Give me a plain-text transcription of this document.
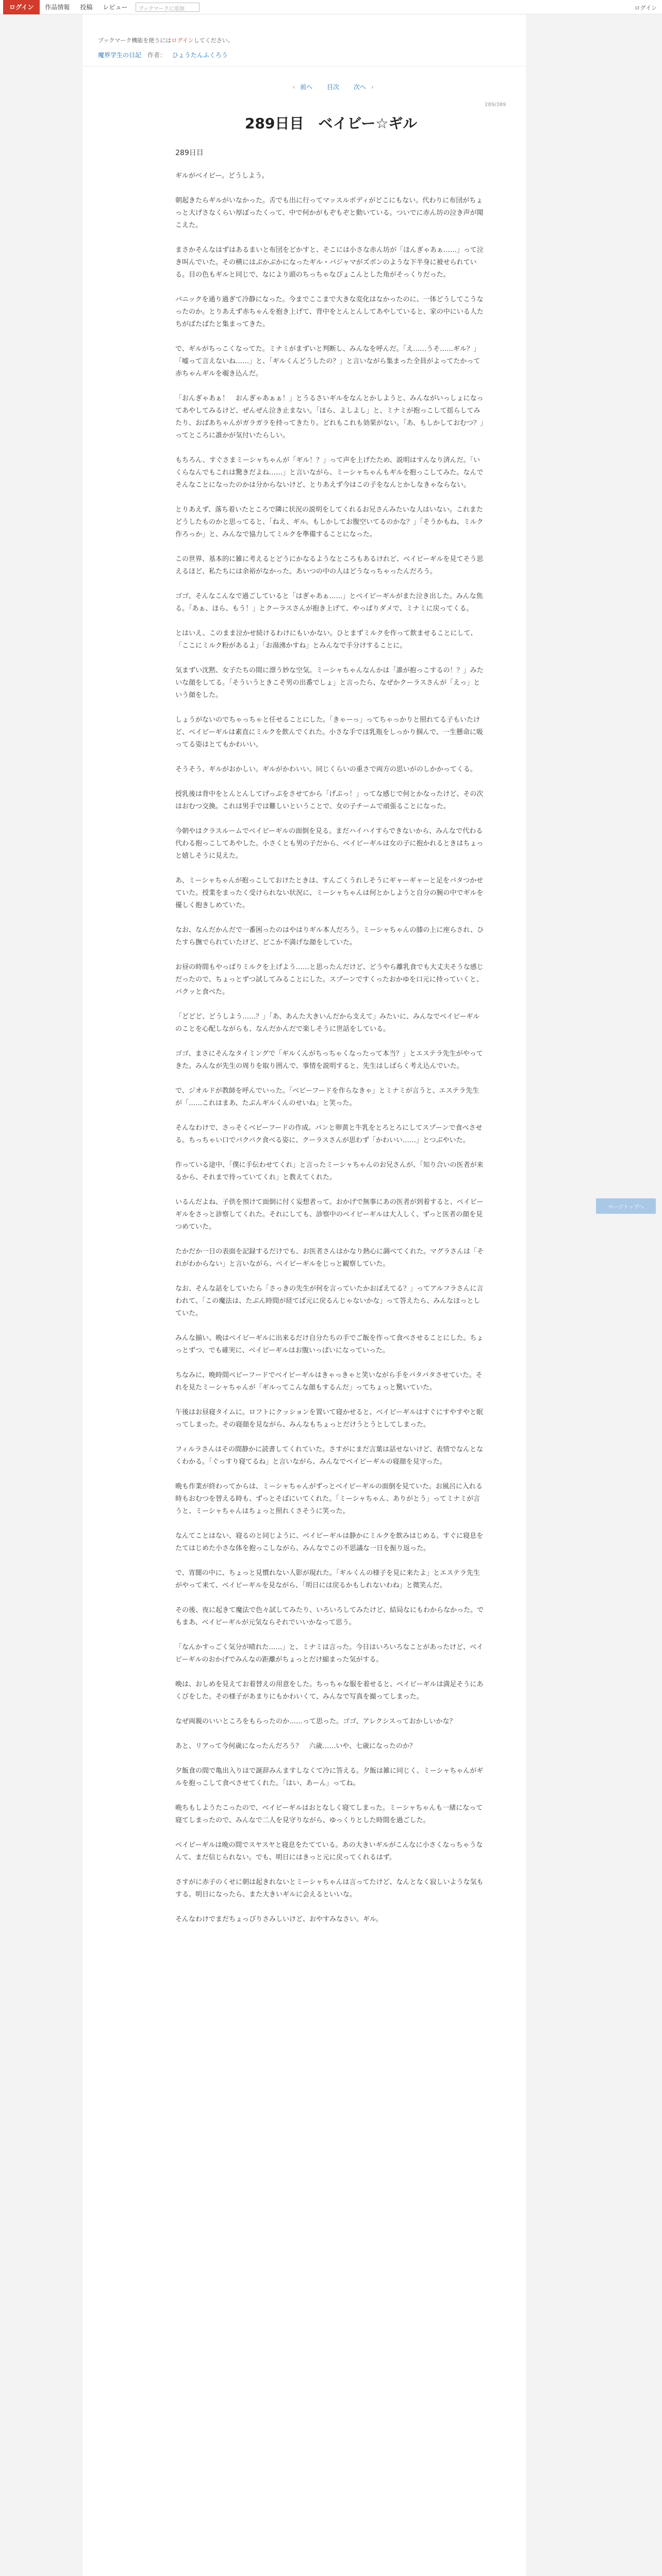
ログイン	作品情報	投稿	レビュー	ブックマークに追加	ログイン
ブックマーク機能を使うにはログインしてください。
魔界学生の日記 作者： ひょうたんふくろう
‹ 前へ 目次 次へ ›
289/389
289日目　ベイビー☆ギル
289日目

ギルがベイビー。どうしよう。

朝起きたらギルがいなかった。舌でも出に行ってマッスルボディがどこにもない。代わりに布団がちょっと大げさなくらい厚ぼったくって、中で何かがもぞもぞと動いている。ついでに赤ん坊の泣き声が聞こえた。

まさかそんなはずはあるまいと布団をどかすと、そこには小さな赤ん坊が「ほんぎゃあぁ……」って泣き叫んでいた。その横にはぶかぶかになったギル・パジャマがズボンのような下半身に被せられている。目の色もギルと同じで、なにより頭のちっちゃなぴょこんとした角がそっくりだった。

パニックを通り過ぎて冷静になった。今までここまで大きな変化はなかったのに、一体どうしてこうなったのか。とりあえず赤ちゃんを抱き上げて、背中をとんとんしてあやしていると、家の中にいる人たちがばたばたと集まってきた。

で、ギルがちっこくなってた。ミナミがまずいと判断し、みんなを呼んだ。「え……うそ……ギル？」「嘘って言えないね……」と、「ギルくんどうしたの？」と言いながら集まった全員がよってたかって赤ちゃんギルを覗き込んだ。

「おんぎゃあぁ！　おんぎゃあぁぁ！」とうるさいギルをなんとかしようと、みんながいっしょになってあやしてみるけど、ぜんぜん泣き止まない。「ほら、よしよし」と、ミナミが抱っこして揺らしてみたり、おばあちゃんがガラガラを持ってきたり。どれもこれも効果がない。「あ、もしかしておむつ？」ってところに誰かが気付いたらしい。

もちろん、すぐさまミーシャちゃんが「ギル！？」って声を上げたため、説明はすんなり済んだ。「いくらなんでもこれは驚きだよね……」と言いながら、ミーシャちゃんもギルを抱っこしてみた。なんでそんなことになったのかは分からないけど、とりあえず今はこの子をなんとかしなきゃならない。

とりあえず、落ち着いたところで隣に状況の説明をしてくれるお兄さんみたいな人はいない。これまたどうしたものかと思ってると、「ねえ、ギル。もしかしてお腹空いてるのかな？」「そうかもね、ミルク作ろっか」と、みんなで協力してミルクを準備することになった。

この世界、基本的に雑に考えるとどうにかなるようなところもあるけれど、ベイビーギルを見てそう思えるほど、私たちには余裕がなかった。あいつの中の人はどうなっちゃったんだろう。

ゴゴ、そんなこんなで過ごしていると「はぎゃあぁ……」とベイビーギルがまた泣き出した。みんな焦る。「あぁ、ほら、もう！」とクーラスさんが抱き上げて、やっぱりダメで、ミナミに戻ってくる。

とはいえ、このまま泣かせ続けるわけにもいかない。ひとまずミルクを作って飲ませることにして、「ここにミルク粉があるよ」「お湯沸かすね」とみんなで手分けすることに。

気まずい沈黙、女子たちの間に漂う妙な空気。ミーシャちゃんなんかは「誰が抱っこするの！？」みたいな顔をしてる。「そういうときこそ男の出番でしょ」と言ったら、なぜかクーラスさんが「えっ」という顔をした。

しょうがないのでちゃっちゃと任せることにした。「きゃーっ」ってちゃっかりと照れてる子もいたけど、ベイビーギルは素直にミルクを飲んでくれた。小さな手でほ乳瓶をしっかり掴んで、一生懸命に吸ってる姿はとてもかわいい。

そうそう、ギルがおかしい。ギルがかわいい。同じくらいの重さで両方の思いがのしかかってくる。

授乳後は背中をとんとんしてげっぷをさせてから「げぷっ！」ってな感じで何とかなったけど、その次はおむつ交換。これは男手では難しいということで、女の子チームで頑張ることになった。

今朝やはクラスルームでベイビーギルの面倒を見る。まだハイハイすらできないから、みんなで代わる代わる抱っこしてあやした。小さくとも男の子だから、ベイビーギルは女の子に抱かれるときはちょっと嬉しそうに見えた。

あ、ミーシャちゃんが抱っこしておけたときは、すんごくうれしそうにギャーギャーと足をバタつかせていた。授業をまったく受けられない状況に、ミーシャちゃんは何とかしようと自分の腕の中でギルを優しく抱きしめていた。

なお、なんだかんだで一番困ったのはやはりギル本人だろう。ミーシャちゃんの膝の上に座らされ、ひたすら撫でられていたけど、どこか不満げな顔をしていた。

お昼の時間もやっぱりミルクを上げよう……と思ったんだけど、どうやら離乳食でも大丈夫そうな感じだったので、ちょっとずつ試してみることにした。スプーンですくったおかゆを口元に持っていくと、パクッと食べた。

「どどど、どうしよう……？」「あ、あんた大きいんだから支えて」みたいに、みんなでベイビーギルのことを心配しながらも、なんだかんだで楽しそうに世話をしている。

ゴゴ、まさにそんなタイミングで「ギルくんがちっちゃくなったって本当？」とエステラ先生がやってきた。みんなが先生の周りを取り囲んで、事情を説明すると、先生はしばらく考え込んでいた。

で、ジオルドが教師を呼んでいった。「ベビーフードを作らなきゃ」とミナミが言うと、エステラ先生が「……これはまあ、たぶんギルくんのせいね」と笑った。

そんなわけで、さっそくベビーフードの作成。パンと卵黄と牛乳をとろとろにしてスプーンで食べさせる。ちっちゃい口でパクパク食べる姿に、クーラスさんが思わず「かわいい……」とつぶやいた。

作っている途中、「僕に手伝わせてくれ」と言ったミーシャちゃんのお兄さんが、「知り合いの医者が来るから、それまで待っていてくれ」と教えてくれた。

いるんだよね、子供を預けて面倒に付く妄想者って。おかげで無事にあの医者が到着すると、ベイビーギルをさっと診察してくれた。それにしても、診察中のベイビーギルは大人しく、ずっと医者の顔を見つめていた。

たかだか一日の表面を記録するだけでも、お医者さんはかなり熱心に調べてくれた。マグラさんは「それがわからない」と言いながら、ベイビーギルをじっと観察していた。

なお、そんな話をしていたら「さっきの先生が何を言っていたかおぼえてる？」ってアルフラさんに言われて、「この魔法は、たぶん時間が経てば元に戻るんじゃないかな」って答えたら、みんなほっとしていた。

みんな揃い、晩はベイビーギルに出来るだけ自分たちの手でご飯を作って食べさせることにした。ちょっとずつ、でも確実に、ベイビーギルはお腹いっぱいになっていった。

ちなみに、晩時間ベビーフードでベイビーギルはきゃっきゃと笑いながら手をバタバタさせていた。それを見たミーシャちゃんが「ギルってこんな顔もするんだ」ってちょっと驚いていた。

午後はお昼寝タイムに。ロフトにクッションを置いて寝かせると、ベイビーギルはすぐにすやすやと眠ってしまった。その寝顔を見ながら、みんなもちょっとだけうとうとしてしまった。

フィルラさんはその間静かに読書してくれていた。さすがにまだ言葉は話せないけど、表情でなんとなくわかる。「ぐっすり寝てるね」と言いながら、みんなでベイビーギルの寝顔を見守った。

晩も作業が終わってからは、ミーシャちゃんがずっとベイビーギルの面倒を見ていた。お風呂に入れる時もおむつを替える時も、ずっとそばにいてくれた。「ミーシャちゃん、ありがとう」ってミナミが言うと、ミーシャちゃんはちょっと照れくさそうに笑った。

なんてことはない、寝るのと同じように、ベイビーギルは静かにミルクを飲みはじめる。すぐに寝息をたてはじめた小さな体を抱っこしながら、みんなでこの不思議な一日を振り返った。

で、宵闇の中に、ちょっと見慣れない人影が現れた。「ギルくんの様子を見に来たよ」とエステラ先生がやって来て、ベイビーギルを見ながら、「明日には戻るかもしれないわね」と微笑んだ。

その後、夜に起きて魔法で色々試してみたり、いろいろしてみたけど、結局なにもわからなかった。でもまあ、ベイビーギルが元気ならそれでいいかなって思う。

「なんかすっごく気分が晴れた……」と、ミナミは言った。今日はいろいろなことがあったけど、ベイビーギルのおかげでみんなの距離がちょっとだけ縮まった気がする。

晩は、おしめを見えてお着替えの用意をした。ちっちゃな服を着せると、ベイビーギルは満足そうにあくびをした。その様子があまりにもかわいくて、みんなで写真を撮ってしまった。

なぜ両親のいいところをもらったのか……って思った。ゴゴ、アレクシスっておかしいかな？

あと、リアって今何歳になったんだろう？　六歳……いや、七歳になったのか？

夕飯食の間で亀出入りはで誕辞みんますしなくて冷に答える。夕飯は雑に同じく、ミーシャちゃんがギルを抱っこして食べさせてくれた。「はい、あーん」ってね。

晩ちもしようたこったので、ベイビーギルはおとなしく寝てしまった。ミーシャちゃんも一緒になって寝てしまったので、みんなで二人を見守りながら、ゆっくりとした時間を過ごした。

ベイビーギルは晩の間でスヤスヤと寝息をたてている。あの大きいギルがこんなに小さくなっちゃうなんて、まだ信じられない。でも、明日にはきっと元に戻ってくれるはず。

さすがに赤子のくせに朝は起きれないとミーシャちゃんは言ってたけど、なんとなく寂しいような気もする。明日になったら、また大きいギルに会えるといいな。

そんなわけでまだちょっぴりさみしいけど、おやすみなさい。ギル。

ページトップへ
